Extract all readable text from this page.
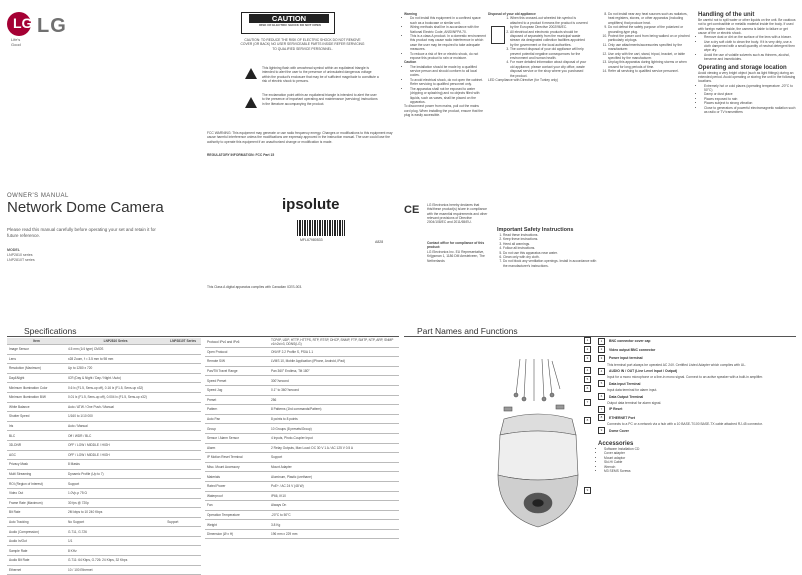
LG LG
Life's Good
OWNER'S MANUAL
Network Dome Camera
Please read this manual carefully before operating your set and retain it for future reference.
MODEL
LNP2810 series
LNP2810T series
CAUTION
RISK OF ELECTRIC SHOCK DO NOT OPEN
CAUTION: TO REDUCE THE RISK OF ELECTRIC SHOCK DO NOT REMOVE COVER (OR BACK) NO USER SERVICEABLE PARTS INSIDE REFER SERVICING TO QUALIFIED SERVICE PERSONNEL.
This lightning flash with arrowhead symbol within an equilateral triangle is intended to alert the user to the presence of uninsulated dangerous voltage within the product's enclosure that may be of sufficient magnitude to constitute a risk of electric shock to persons.
The exclamation point within an equilateral triangle is intended to alert the user to the presence of important operating and maintenance (servicing) instructions in the literature accompanying the product.
FCC WARNING: This equipment may generate or use radio frequency energy. Changes or modifications to this equipment may cause harmful interference unless the modifications are expressly approved in the instruction manual. The user could lose the authority to operate this equipment if an unauthorized change or modification is made.
REGULATORY INFORMATION: FCC Part 15
This Class A digital apparatus complies with Canadian ICES-003.
ipsolute
MFL67980533	A828
Warning
• Do not install this equipment in a confined space such as a bookcase or similar unit.
• Wiring methods shall be in accordance with the National Electric Code, ANSI/NFPA 70.
• This is a class A product. In a domestic environment this product may cause radio interference in which case the user may be required to take adequate measures.
• To reduce a risk of fire or electric shock, do not expose this product to rain or moisture.
Caution
• The installation should be made by a qualified service person and should conform to all local codes.
• To avoid electrical shock, do not open the cabinet. Refer servicing to qualified personnel only.
• The apparatus shall not be exposed to water (dripping or splashing) and no objects filled with liquids, such as vases, shall be placed on the apparatus.
To disconnect power from mains, pull out the mains cord plug. When installing the product, ensure that the plug is easily accessible.
Disposal of your old appliance
1. When this crossed-out wheeled bin symbol is attached to a product it means the product is covered by the European Directive 2002/96/EC.
2. All electrical and electronic products should be disposed of separately from the municipal waste stream via designated collection facilities appointed by the government or the local authorities.
3. The correct disposal of your old appliance will help prevent potential negative consequences for the environment and human health.
4. For more detailed information about disposal of your old appliance, please contact your city office, waste disposal service or the shop where you purchased the product.
LED Compliance with Directive (for Turkey only)
CE	LG Electronics hereby declares that this/these product(s) is/are in compliance with the essential requirements and other relevant provisions of Directive 2004/108/EC and 2011/65/EU.
Contact office for compliance of this product:
LG Electronics Inc. EU Representative, Krijgsman 1, 1186 DM Amstelveen, The Netherlands
Important Safety Instructions
1. Read these instructions.
2. Keep these instructions.
3. Heed all warnings.
4. Follow all instructions.
5. Do not use this apparatus near water.
6. Clean only with dry cloth.
7. Do not block any ventilation openings. Install in accordance with the manufacturer's instructions.
8. Do not install near any heat sources such as radiators, heat registers, stoves, or other apparatus (including amplifiers) that produce heat.
9. Do not defeat the safety purpose of the polarized or grounding-type plug.
10. Protect the power cord from being walked on or pinched particularly at plugs.
11. Only use attachments/accessories specified by the manufacturer.
12. Use only with the cart, stand, tripod, bracket, or table specified by the manufacturer.
13. Unplug this apparatus during lightning storms or when unused for long periods of time.
14. Refer all servicing to qualified service personnel.
Handling of the unit
Be careful not to spill water or other liquids on the unit. Be cautious not to get combustible or metallic material inside the body. If used with foreign matter inside, the camera is liable to failure or get cause of fire or electric shock.
• Remove dust or dirt on the surface of the lens with a blower.
• Use a dry soft cloth to clean the body. If it is very dirty, use a cloth dampened with a small quantity of neutral detergent then wipe dry.
• Avoid the use of volatile solvents such as thinners, alcohol, benzene and insecticides.
Operating and storage location
Avoid viewing a very bright object (such as light fittings) during an extended period. Avoid operating or storing the unit in the following locations.
• Extremely hot or cold places (operating temperature -20°C to 50°C)
• Damp or dust place
• Places exposed to rain
• Places subject to strong vibration
• Close to generators of powerful electromagnetic radiation such as radio or TV transmitters
Specifications
Item	LNP2810 Series	LNP2810T Series
Image Sensor	4.5 mm (1/4 type) CMOS	
Lens	x28 Zoom, f = 3.5 mm to 98 mm	
Resolution (Maximum)	Up to 1280 x 720	
Day&Night	ICR (Day & Night / Day / Night / Auto)	
Minimum Illumination Color	0.6 lx (F1.5, Sens-up off), 0.16 lx (F1.5, Sens-up x32)	
Minimum Illumination B/W	0.01 lx (F1.5, Sens-up off), 0.004 lx (F1.5, Sens-up x32)	
White Balance	Auto / ATW / One Push / Manual	
Shutter Speed	1/160 to 1/10 000	
Iris	Auto / Manual	
BLC	Off / WDR / BLC	
3D-DNR	OFF / LOW / MIDDLE / HIGH	
AGC	OFF / LOW / MIDDLE / HIGH	
Privacy Mask	8 Masks	
Multi Streaming	Dynamic Profile (Up to 7)	
ROI (Region of Interest)	Support	
Video Out	1.0Vp-p 75 Ω	
Frame Rate (Maximum)	30 fps @ 720p	
Bit Rate	2M kbps to 10 240 Kbps	
Auto Tracking	No Support	Support
Audio (Compression)	G.711, G.726	
Audio In/Out	1/1	
Sample Rate	8 KHz	
Audio Bit Rate	G.711: 64 Kbps, G.726: 24 Kbps, 32 Kbps	
Ethernet	10 / 100 Ethernet	
Protocol IPv4 and IPv6	TCP/IP, UDP, HTTP, HTTPS, RTP, RTSP, DHCP, SNMP, FTP, SMTP, NTP, ARP, SNMP v1/v2c/v3, DDNS(LG)
Open Protocol	ONVIF 2.2 Profile S, PSIA 1.1
Remote S/W	LVMS 10, Mobile Application (iPhone, Android, iPad)
Pan/Tilt Travel Range	Pan 360° Endless, Tilt 180°
Speed Preset	300°/second
Speed Jog	0.1° to 360°/second
Preset	256
Pattern	8 Patterns (1hd commands/Pattern)
Auto Pan	8 points to 8 points
Group	10 Groups (8 presets/Group)
Sensor / Alarm Sensor	4 Inputs, Photo-Coupler Input
Alarm	2 Relay Outputs, Max Load: DC 30 V 1 A / AC 125 V 0.5 A
IP Motion Reset Terminal	Support
Misc. Mount Accessory	Mount Adapter
Materials	Aluminum, Plastic (urethane)
Rated Power	PoE+ / AC 24 V (48 W)
Waterproof	IP66, IK10
Fan	Always On
Operation Temperature	-20°C to 50°C
Weight	3.8 Kg
Dimension (Ø x H)	196 mm x 229 mm
Part Names and Functions
1
2
3
4
5
6
7
8
9
1	BNC connector cover cap
2	Video output BNC connector
3	Power input terminal
This terminal port always be operated AC 24V. Certified Listed Adapter which complies with UL.
4	AUDIO IN / OUT (Line Level Input / Output)
Input for a mono microphone or a line-in mono signal. Connect to an active speaker with a built-in amplifier.
5	Data input Terminal
Input data terminal for alarm input.
6	Data Output Terminal
Output data terminal for alarm signal.
7	IP Reset
8	ETHERNET Port
Connects to a PC or a network via a hub with a 10 BASE-T/100 BASE-TX cable attached RJ-45 connector.
9	Dome Cover
Accessories
• Software Installation CD
• Cover adapter
• Mount adaptor
• Ski-Hi Cable
• Wrench
• M3 SEMS Screws
